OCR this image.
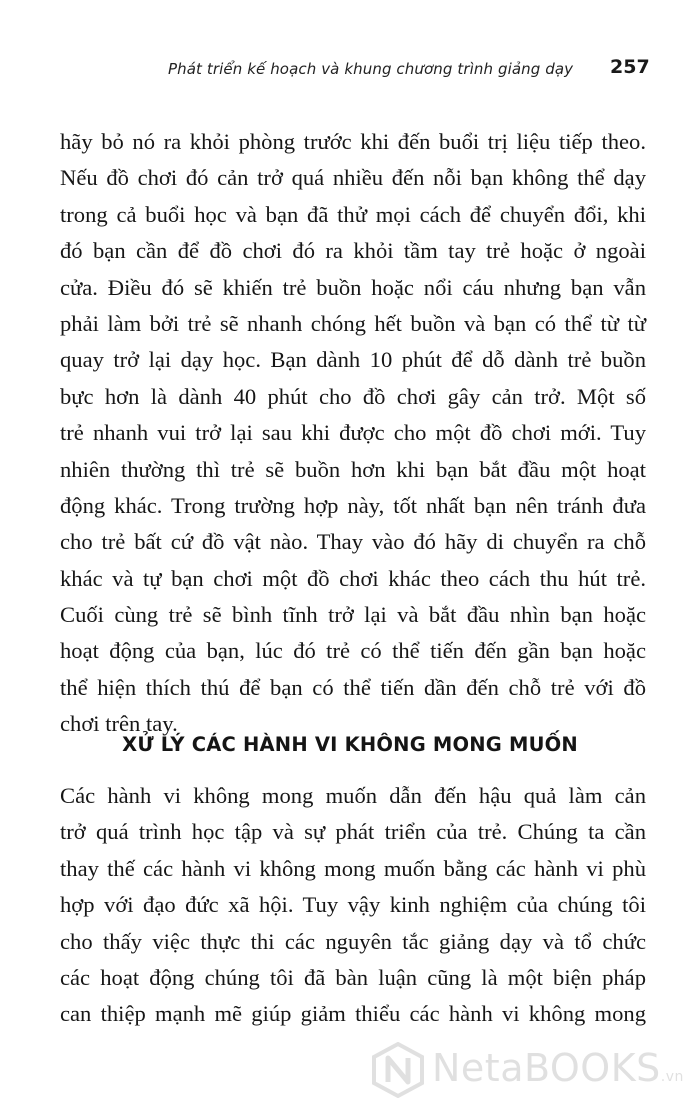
Phát triển kế hoạch và khung chương trình giảng dạy 257
hãy bỏ nó ra khỏi phòng trước khi đến buổi trị liệu tiếp theo.
Nếu đồ chơi đó cản trở quá nhiều đến nỗi bạn không thể dạy
trong cả buổi học và bạn đã thử mọi cách để chuyển đổi, khi
đó bạn cần để đồ chơi đó ra khỏi tầm tay trẻ hoặc ở ngoài
cửa. Điều đó sẽ khiến trẻ buồn hoặc nổi cáu nhưng bạn vẫn
phải làm bởi trẻ sẽ nhanh chóng hết buồn và bạn có thể từ từ
quay trở lại dạy học. Bạn dành 10 phút để dỗ dành trẻ buồn
bực hơn là dành 40 phút cho đồ chơi gây cản trở. Một số
trẻ nhanh vui trở lại sau khi được cho một đồ chơi mới. Tuy
nhiên thường thì trẻ sẽ buồn hơn khi bạn bắt đầu một hoạt
động khác. Trong trường hợp này, tốt nhất bạn nên tránh đưa
cho trẻ bất cứ đồ vật nào. Thay vào đó hãy di chuyển ra chỗ
khác và tự bạn chơi một đồ chơi khác theo cách thu hút trẻ.
Cuối cùng trẻ sẽ bình tĩnh trở lại và bắt đầu nhìn bạn hoặc
hoạt động của bạn, lúc đó trẻ có thể tiến đến gần bạn hoặc
thể hiện thích thú để bạn có thể tiến dần đến chỗ trẻ với đồ
chơi trên tay.
XỬ LÝ CÁC HÀNH VI KHÔNG MONG MUỐN
Các hành vi không mong muốn dẫn đến hậu quả làm cản
trở quá trình học tập và sự phát triển của trẻ. Chúng ta cần
thay thế các hành vi không mong muốn bằng các hành vi phù
hợp với đạo đức xã hội. Tuy vậy kinh nghiệm của chúng tôi
cho thấy việc thực thi các nguyên tắc giảng dạy và tổ chức
các hoạt động chúng tôi đã bàn luận cũng là một biện pháp
can thiệp mạnh mẽ giúp giảm thiểu các hành vi không mong
NetaBOOKS.vn
